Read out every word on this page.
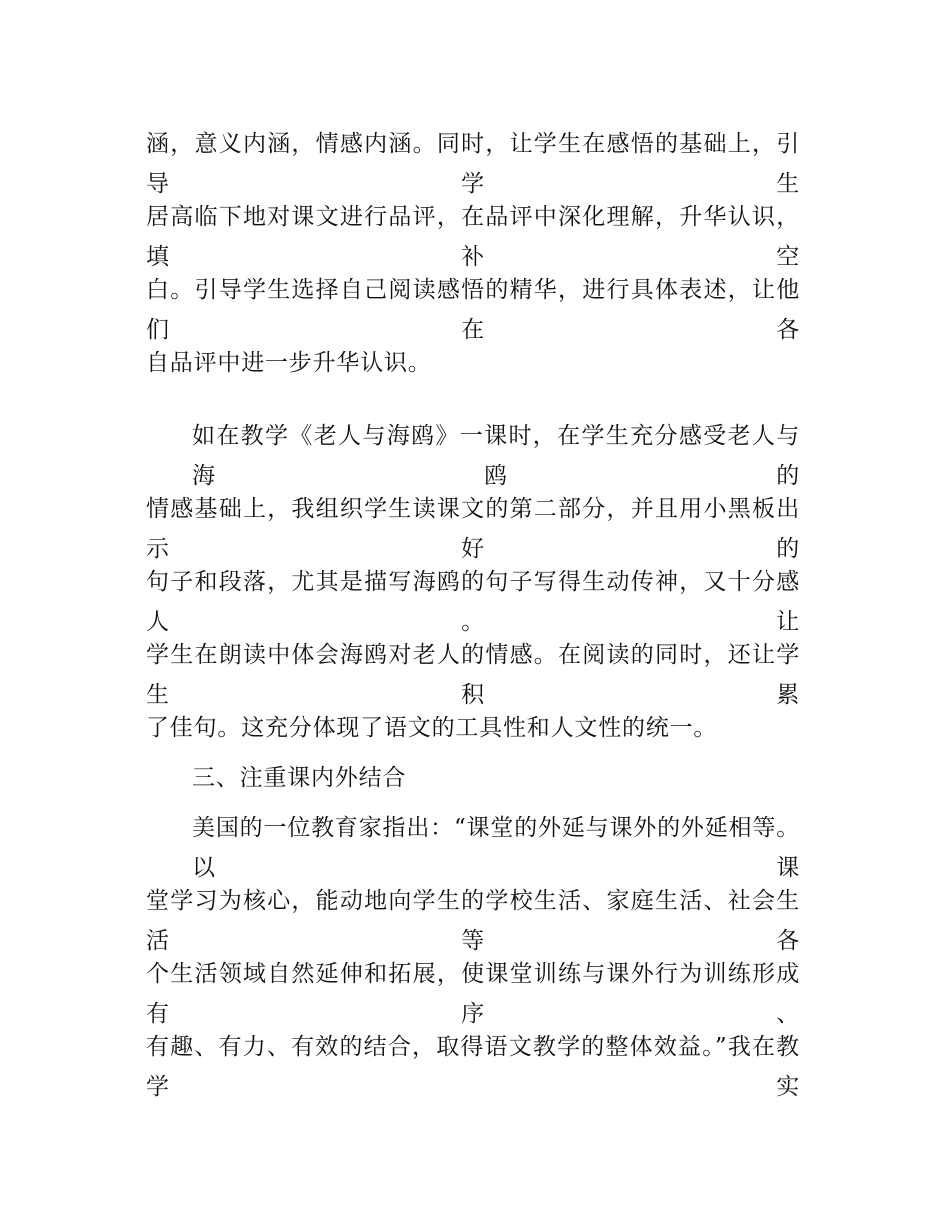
涵，意义内涵，情感内涵。同时，让学生在感悟的基础上，引导学生
居高临下地对课文进行品评，在品评中深化理解，升华认识，填补空
白。引导学生选择自己阅读感悟的精华，进行具体表述，让他们在各
自品评中进一步升华认识。
如在教学《老人与海鸥》一课时，在学生充分感受老人与海鸥的
情感基础上，我组织学生读课文的第二部分，并且用小黑板出示好的
句子和段落，尤其是描写海鸥的句子写得生动传神，又十分感人。让
学生在朗读中体会海鸥对老人的情感。在阅读的同时，还让学生积累
了佳句。这充分体现了语文的工具性和人文性的统一。
三、注重课内外结合
美国的一位教育家指出：“课堂的外延与课外的外延相等。以课
堂学习为核心，能动地向学生的学校生活、家庭生活、社会生活等各
个生活领域自然延伸和拓展，使课堂训练与课外行为训练形成有序、
有趣、有力、有效的结合，取得语文教学的整体效益。”我在教学实
